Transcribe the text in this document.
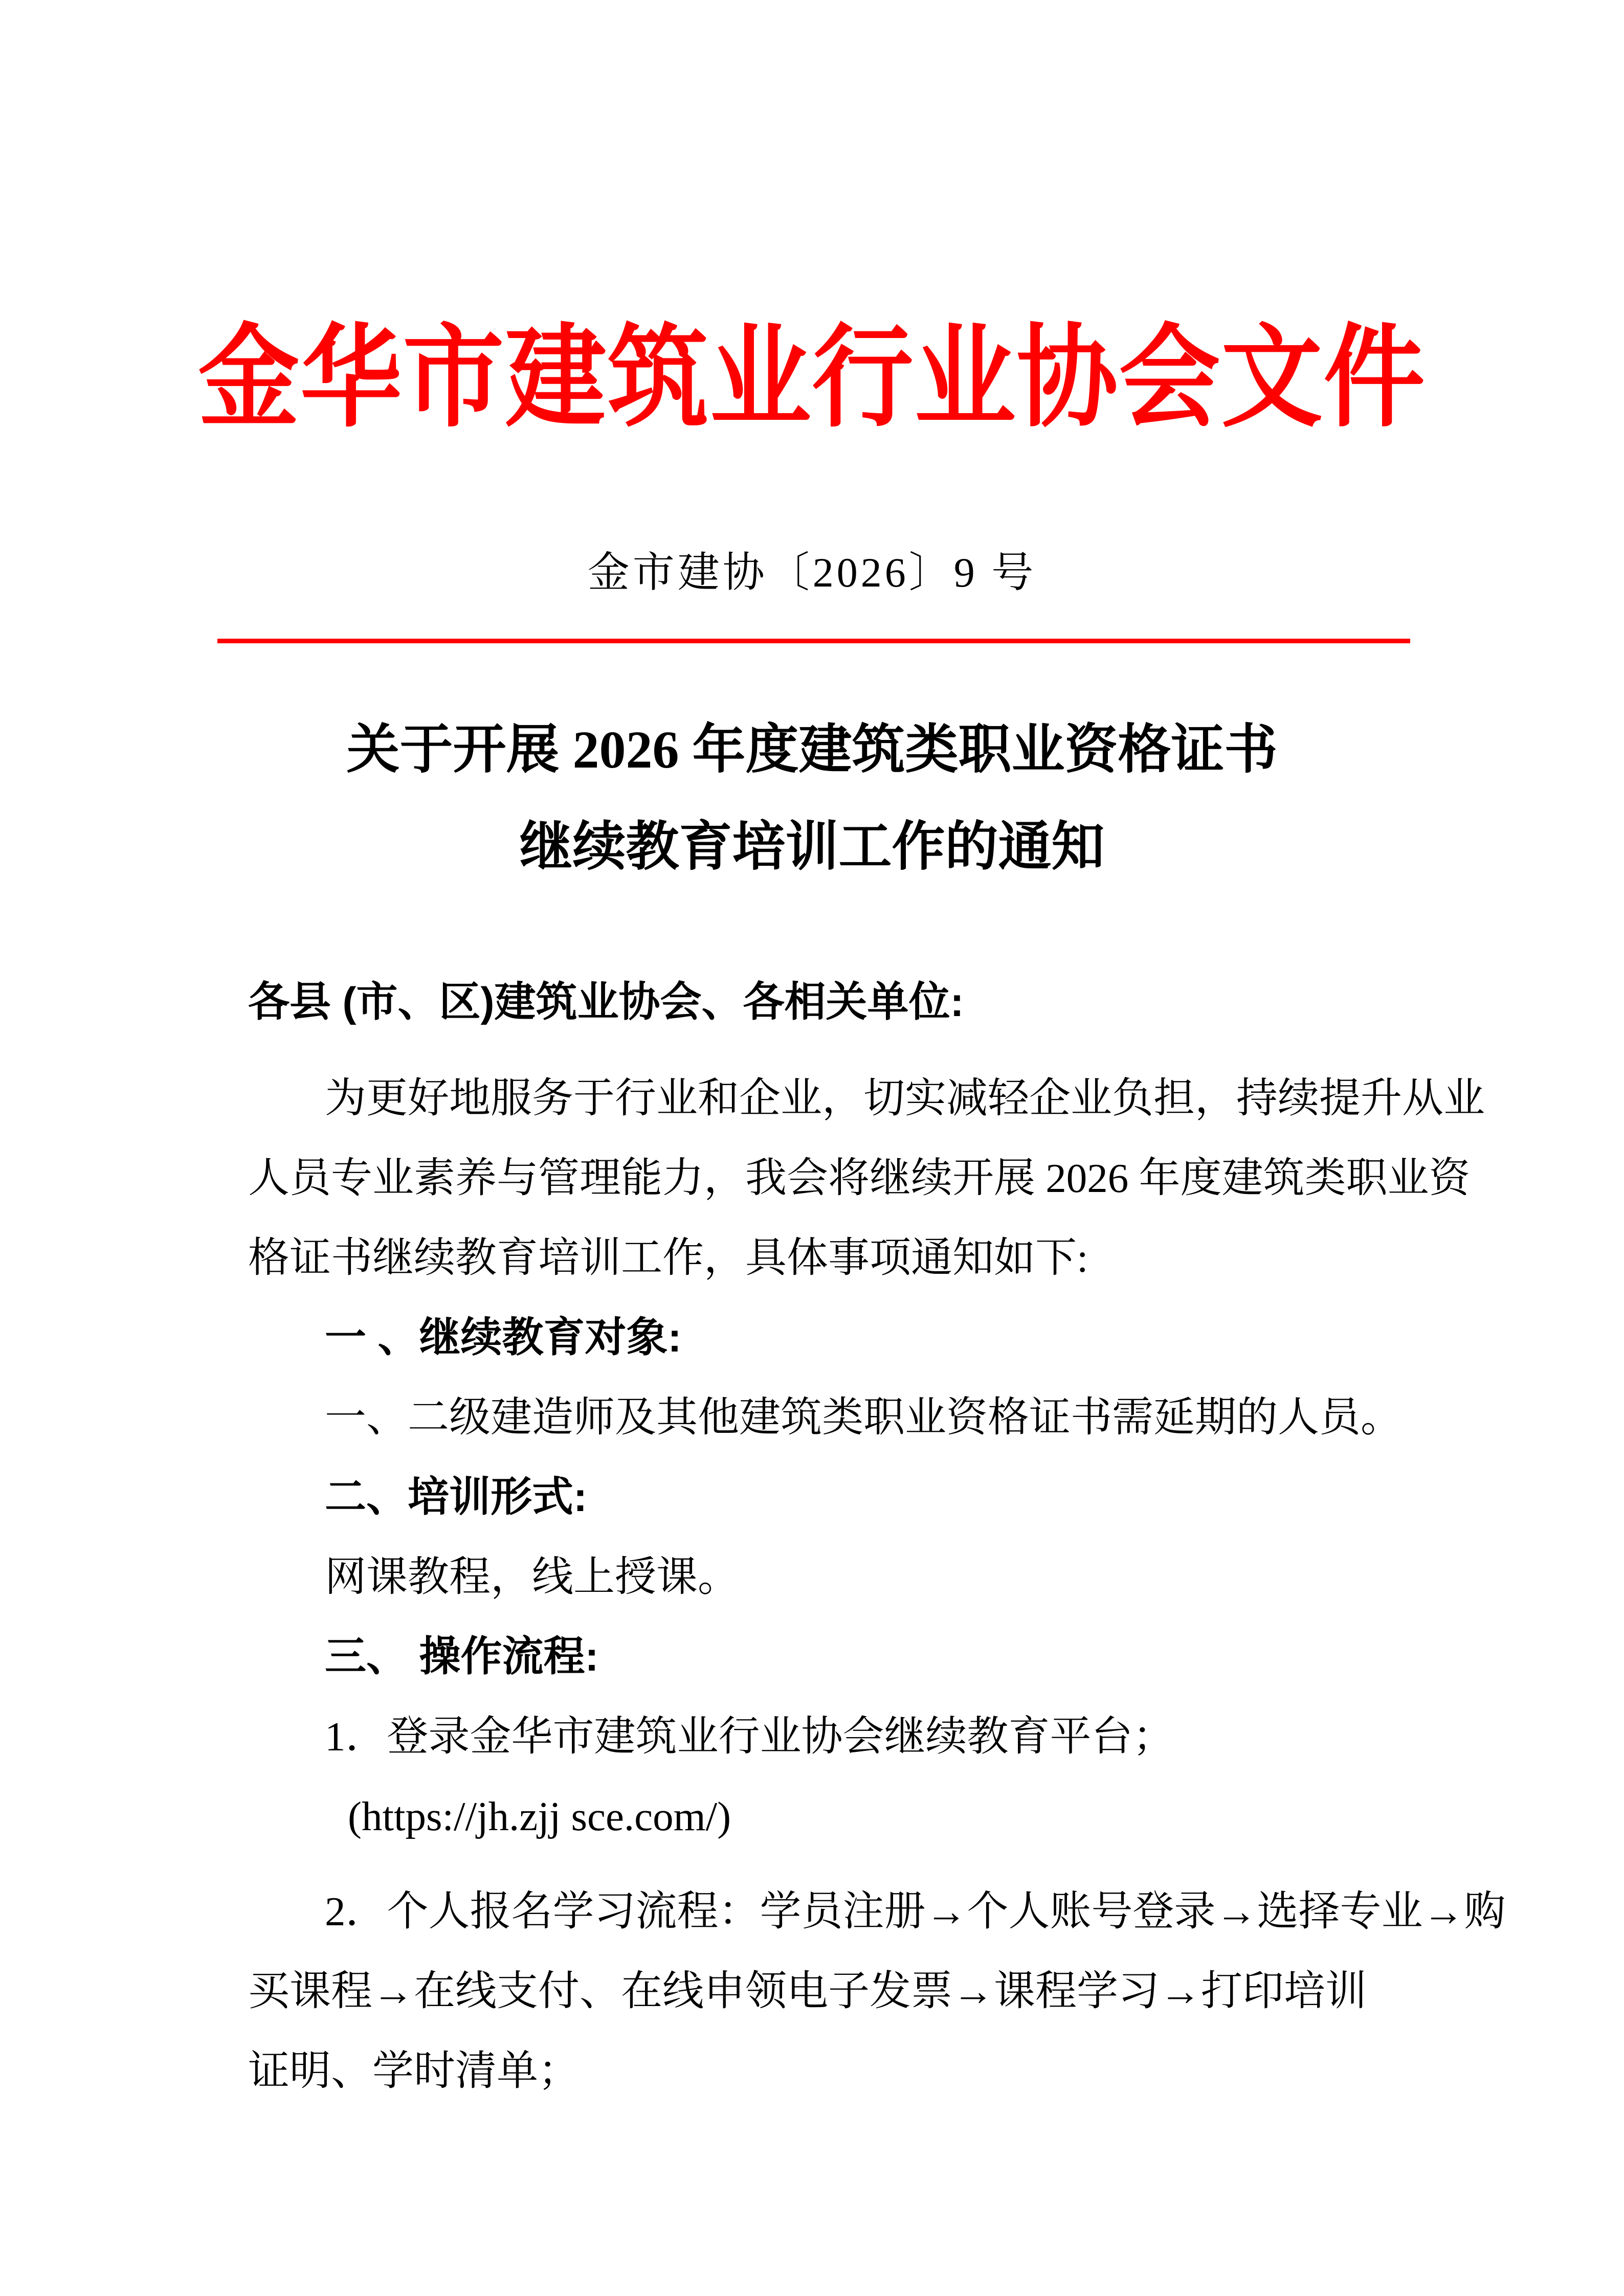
金华市建筑业行业协会文件
金市建协〔2026〕9 号
关于开展 2026 年度建筑类职业资格证书
继续教育培训工作的通知
各县 (市、区)建筑业协会、各相关单位:
为更好地服务于行业和企业，切实减轻企业负担，持续提升从业
人员专业素养与管理能力，我会将继续开展 2026 年度建筑类职业资
格证书继续教育培训工作，具体事项通知如下:
一 、继续教育对象:
一、二级建造师及其他建筑类职业资格证书需延期的人员。
二、培训形式:
网课教程，线上授课。
三、 操作流程:
1．登录金华市建筑业行业协会继续教育平台；
(https://jh.zjj sce.com/)
2．个人报名学习流程：学员注册→个人账号登录→选择专业→购
买课程→在线支付、在线申领电子发票→课程学习→打印培训
证明、学时清单；
